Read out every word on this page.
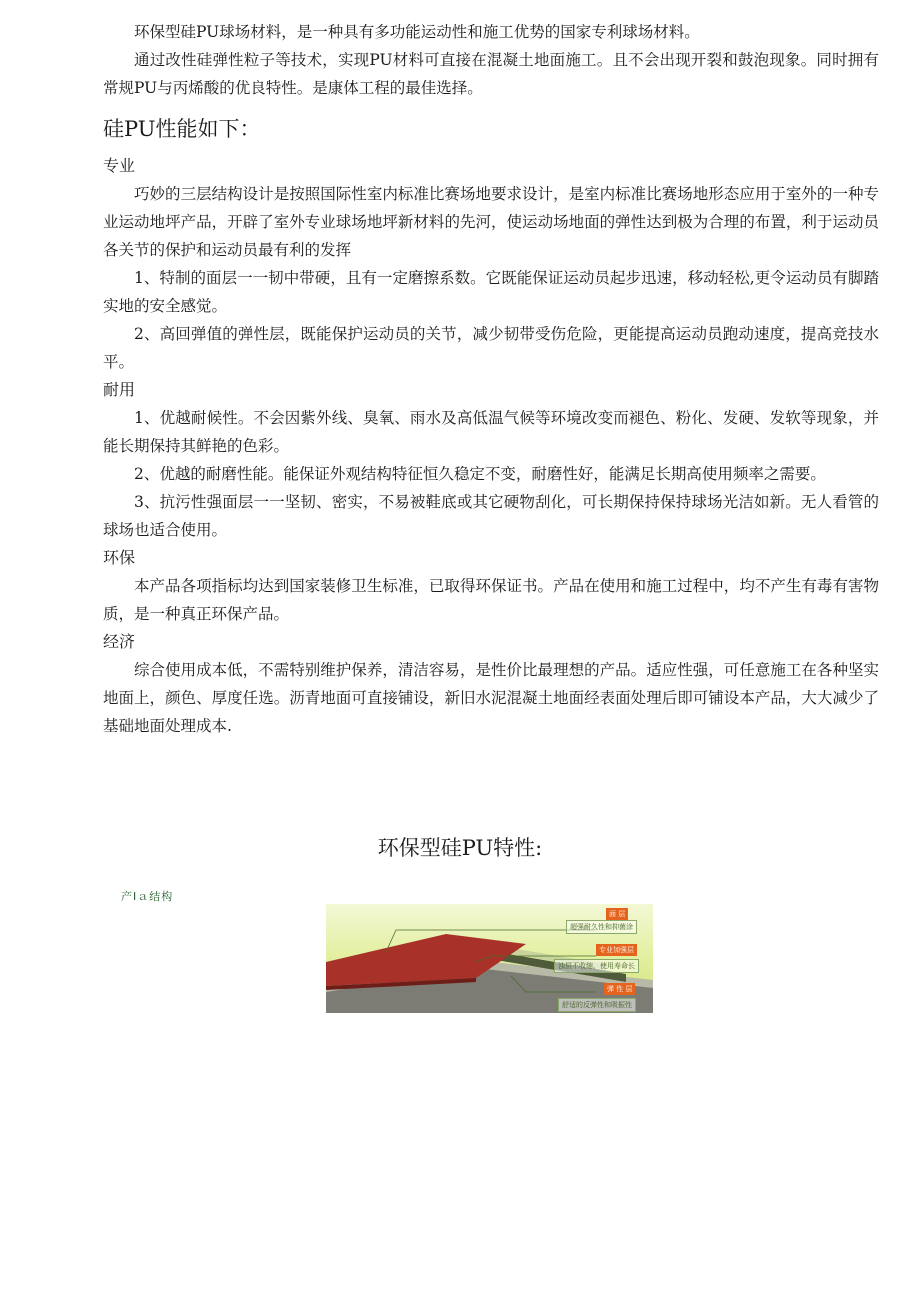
环保型硅PU球场材料，是一种具有多功能运动性和施工优势的国家专利球场材料。

通过改性硅弹性粒子等技术，实现PU材料可直接在混凝土地面施工。且不会出现开裂和鼓泡现象。同时拥有常规PU与丙烯酸的优良特性。是康体工程的最佳选择。

硅PU性能如下：
专业

巧妙的三层结构设计是按照国际性室内标准比赛场地要求设计，是室内标准比赛场地形态应用于室外的一种专业运动地坪产品，开辟了室外专业球场地坪新材料的先河，使运动场地面的弹性达到极为合理的布置，利于运动员各关节的保护和运动员最有利的发挥

1、特制的面层一一韧中带硬，且有一定磨擦系数。它既能保证运动员起步迅速，移动轻松,更令运动员有脚踏实地的安全感觉。

2、高回弹值的弹性层，既能保护运动员的关节，减少韧带受伤危险，更能提高运动员跑动速度，提高竞技水平。

耐用

1、优越耐候性。不会因紫外线、臭氧、雨水及高低温气候等环境改变而褪色、粉化、发硬、发软等现象，并能长期保持其鲜艳的色彩。

2、优越的耐磨性能。能保证外观结构特征恒久稳定不变，耐磨性好，能满足长期高使用频率之需要。

3、抗污性强面层一一坚韧、密实，不易被鞋底或其它硬物刮化，可长期保持保持球场光洁如新。无人看管的球场也适合使用。

环保

本产品各项指标均达到国家装修卫生标准，已取得环保证书。产品在使用和施工过程中，均不产生有毒有害物质，是一种真正环保产品。

经济

综合使用成本低，不需特别维护保养，清洁容易，是性价比最理想的产品。适应性强，可任意施工在各种坚实地面上，颜色、厚度任选。沥青地面可直接铺设，新旧水泥混凝土地面经表面处理后即可铺设本产品，大大减少了基础地面处理成本.

环保型硅PU特性:
产Iａ结构
面 层
超强耐久性和抑菌涂
专业加强层
浊层不收缩，使用寿命长
弹 性 层
舒适的反弹性和吸振性
